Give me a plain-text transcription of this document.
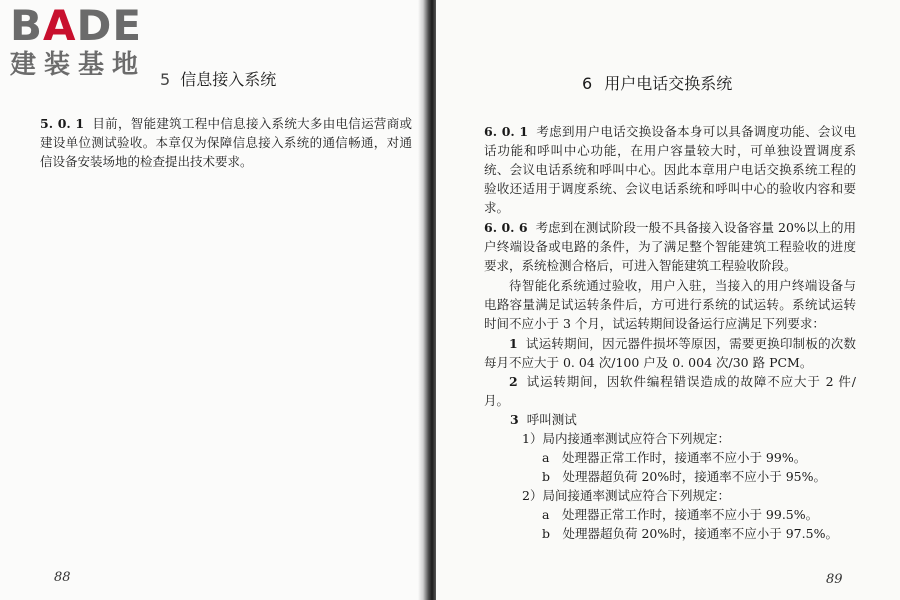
BADE
建装基地 5 信息接入系统

5. 0. 1 目前，智能建筑工程中信息接入系统大多由电信运营商或建设单位测试验收。本章仅为保障信息接入系统的通信畅通，对通信设备安装场地的检查提出技术要求。

88
6 用户电话交换系统

6. 0. 1 考虑到用户电话交换设备本身可以具备调度功能、会议电话功能和呼叫中心功能，在用户容量较大时，可单独设置调度系统、会议电话系统和呼叫中心。因此本章用户电话交换系统工程的验收还适用于调度系统、会议电话系统和呼叫中心的验收内容和要求。

6. 0. 6 考虑到在测试阶段一般不具备接入设备容量 20%以上的用户终端设备或电路的条件，为了满足整个智能建筑工程验收的进度要求，系统检测合格后，可进入智能建筑工程验收阶段。

待智能化系统通过验收，用户入驻，当接入的用户终端设备与电路容量满足试运转条件后，方可进行系统的试运转。系统试运转时间不应小于 3 个月，试运转期间设备运行应满足下列要求：

1 试运转期间，因元器件损坏等原因，需要更换印制板的次数每月不应大于 0. 04 次/100 户及 0. 004 次/30 路 PCM。

2 试运转期间，因软件编程错误造成的故障不应大于 2 件/月。

3 呼叫测试
1）局内接通率测试应符合下列规定：
a　处理器正常工作时，接通率不应小于 99%。
b　处理器超负荷 20%时，接通率不应小于 95%。
2）局间接通率测试应符合下列规定：
a　处理器正常工作时，接通率不应小于 99.5%。
b　处理器超负荷 20%时，接通率不应小于 97.5%。
89
